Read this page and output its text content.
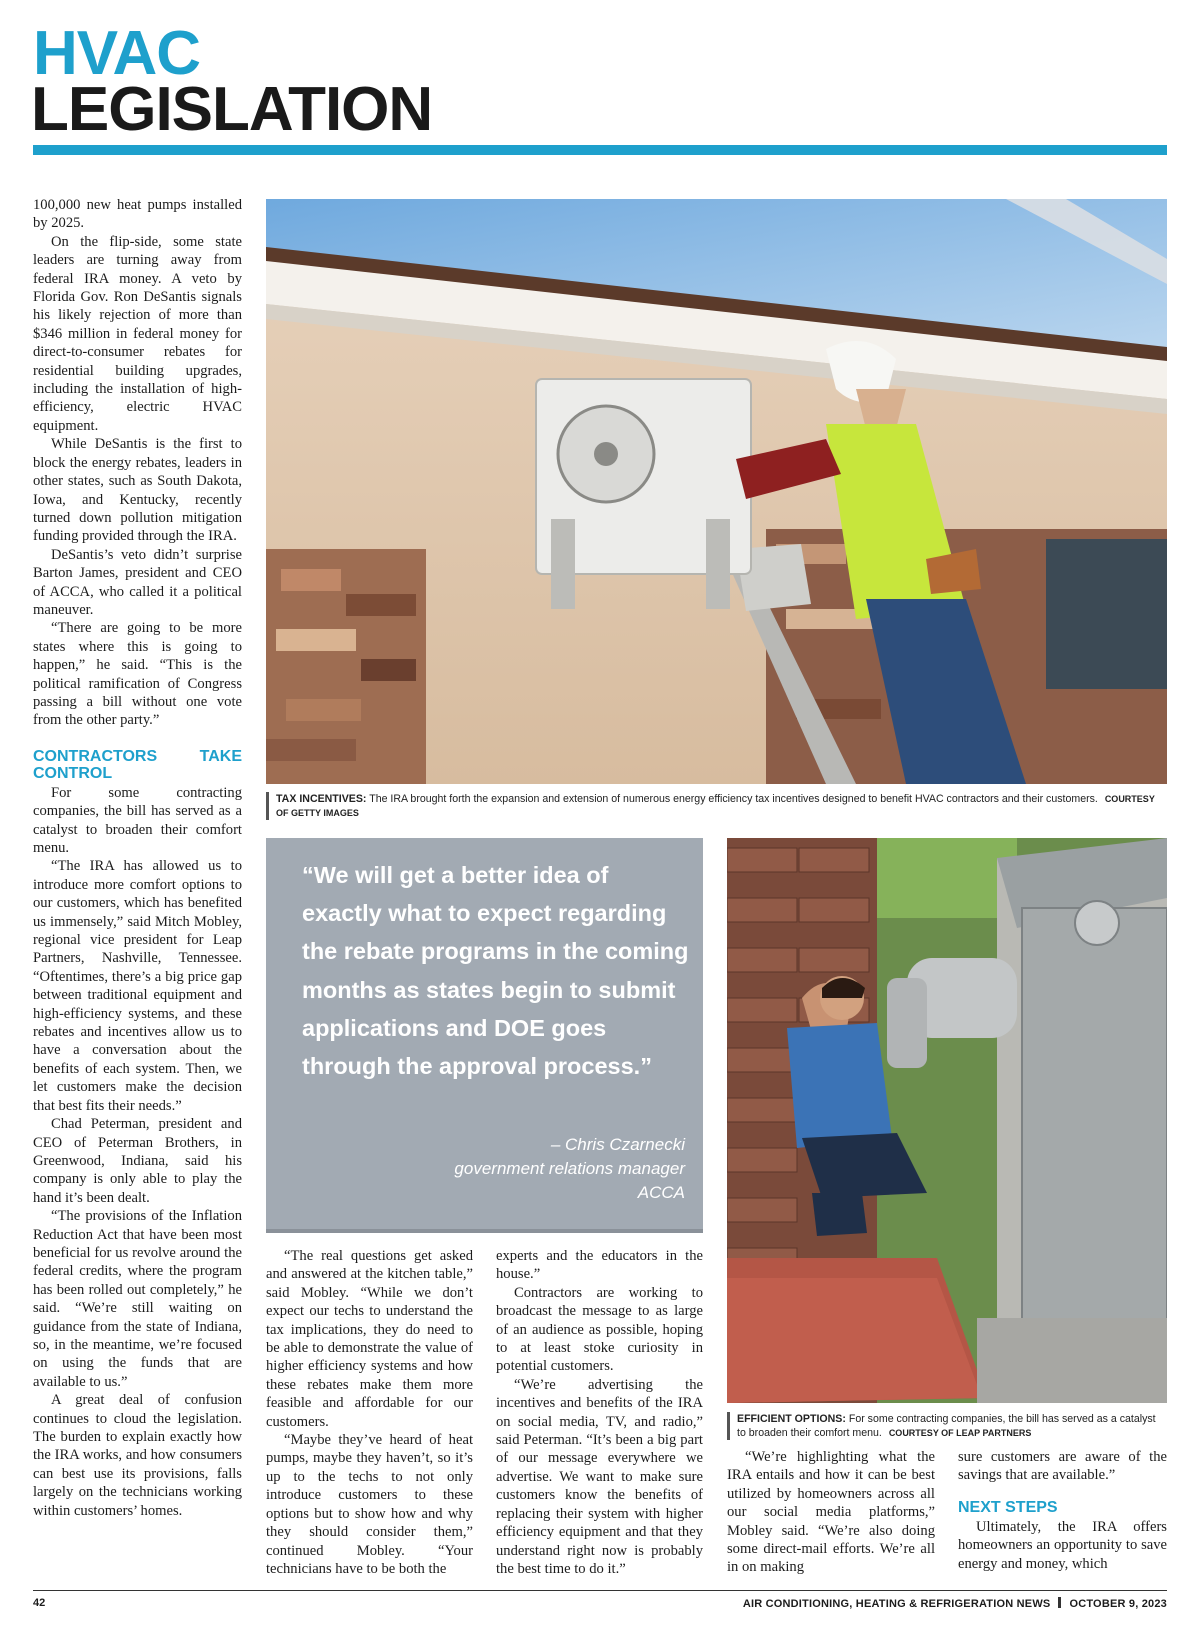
HVAC
LEGISLATION

100,000 new heat pumps installed by 2025.

On the flip-side, some state leaders are turning away from federal IRA money. A veto by Florida Gov. Ron DeSantis signals his likely rejection of more than $346 million in federal money for direct-to-consumer rebates for residential building upgrades, including the installation of high-efficiency, electric HVAC equipment.

While DeSantis is the first to block the energy rebates, leaders in other states, such as South Dakota, Iowa, and Kentucky, recently turned down pollution mitigation funding provided through the IRA.

DeSantis’s veto didn’t surprise Barton James, president and CEO of ACCA, who called it a political maneuver.

“There are going to be more states where this is going to happen,” he said. “This is the political ramification of Congress passing a bill without one vote from the other party.”

CONTRACTORS TAKE CONTROL

For some contracting companies, the bill has served as a catalyst to broaden their comfort menu.

“The IRA has allowed us to introduce more comfort options to our customers, which has benefited us immensely,” said Mitch Mobley, regional vice president for Leap Partners, Nashville, Tennessee. “Oftentimes, there’s a big price gap between traditional equipment and high-efficiency systems, and these rebates and incentives allow us to have a conversation about the benefits of each system. Then, we let customers make the decision that best fits their needs.”

Chad Peterman, president and CEO of Peterman Brothers, in Greenwood, Indiana, said his company is only able to play the hand it’s been dealt.

“The provisions of the Inflation Reduction Act that have been most beneficial for us revolve around the federal credits, where the program has been rolled out completely,” he said. “We’re still waiting on guidance from the state of Indiana, so, in the meantime, we’re focused on using the funds that are available to us.”

A great deal of confusion continues to cloud the legislation. The burden to explain exactly how the IRA works, and how consumers can best use its provisions, falls largely on the technicians working within customers’ homes.

TAX INCENTIVES: The IRA brought forth the expansion and extension of numerous energy efficiency tax incentives designed to benefit HVAC contractors and their customers. COURTESY OF GETTY IMAGES
“We will get a better idea of exactly what to expect regarding the rebate programs in the coming months as states begin to submit applications and DOE goes through the approval process.”
– Chris Czarnecki
government relations manager
ACCA

“The real questions get asked and answered at the kitchen table,” said Mobley. “While we don’t expect our techs to understand the tax implications, they do need to be able to demonstrate the value of higher efficiency systems and how these rebates make them more feasible and affordable for our customers.

“Maybe they’ve heard of heat pumps, maybe they haven’t, so it’s up to the techs to not only introduce customers to these options but to show how and why they should consider them,” continued Mobley. “Your technicians have to be both the

experts and the educators in the house.”

Contractors are working to broadcast the message to as large of an audience as possible, hoping to at least stoke curiosity in potential customers.

“We’re advertising the incentives and benefits of the IRA on social media, TV, and radio,” said Peterman. “It’s been a big part of our message everywhere we advertise. We want to make sure customers know the benefits of replacing their system with higher efficiency equipment and that they understand right now is probably the best time to do it.”

EFFICIENT OPTIONS: For some contracting companies, the bill has served as a catalyst to broaden their comfort menu. COURTESY OF LEAP PARTNERS

“We’re highlighting what the IRA entails and how it can be best utilized by homeowners across all our social media platforms,” Mobley said. “We’re also doing some direct-mail efforts. We’re all in on making

sure customers are aware of the savings that are available.”

NEXT STEPS

Ultimately, the IRA offers homeowners an opportunity to save energy and money, which

42	AIR CONDITIONING, HEATING & REFRIGERATION NEWS OCTOBER 9, 2023
